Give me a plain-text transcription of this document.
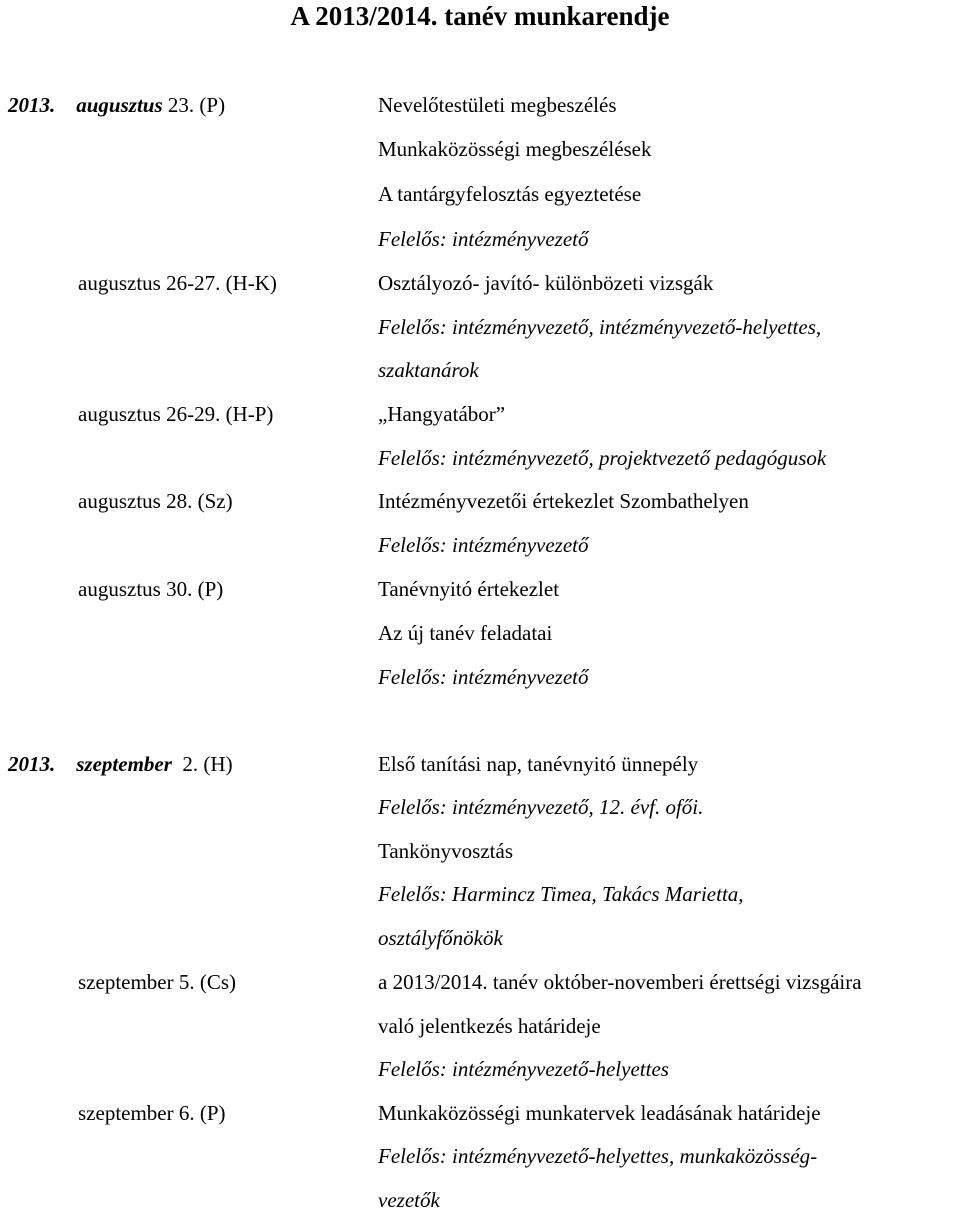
A 2013/2014. tanév munkarendje
2013. augusztus 23. (P)	Nevelőtestületi megbeszélés
Munkaközösségi megbeszélések
A tantárgyfelosztás egyeztetése
Felelős: intézményvezető
augusztus 26-27. (H-K)	Osztályozó- javító- különbözeti vizsgák
Felelős: intézményvezető, intézményvezető-helyettes,
szaktanárok
augusztus 26-29. (H-P)	„Hangyatábor”
Felelős: intézményvezető, projektvezető pedagógusok
augusztus 28. (Sz)	Intézményvezetői értekezlet Szombathelyen
Felelős: intézményvezető
augusztus 30. (P)	Tanévnyitó értekezlet
Az új tanév feladatai
Felelős: intézményvezető
2013. szeptember 2. (H)	Első tanítási nap, tanévnyitó ünnepély
Felelős: intézményvezető, 12. évf. ofői.
Tankönyvosztás
Felelős: Harmincz Timea, Takács Marietta,
osztályfőnökök
szeptember 5. (Cs)	a 2013/2014. tanév október-novemberi érettségi vizsgáira
való jelentkezés határideje
Felelős: intézményvezető-helyettes
szeptember 6. (P)	Munkaközösségi munkatervek leadásának határideje
Felelős: intézményvezető-helyettes, munkaközösség-
vezetők
